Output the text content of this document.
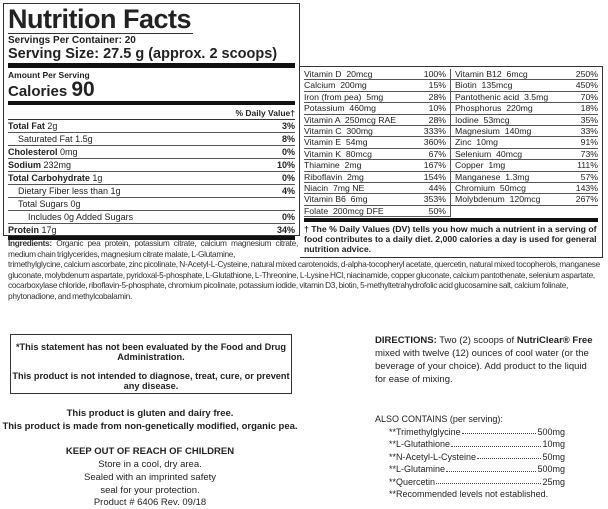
Nutrition Facts
Servings Per Container: 20
Serving Size: 27.5 g (approx. 2 scoops)
Amount Per Serving
Calories 90
% Daily Value†
Total Fat 2g	3%
Saturated Fat 1.5g	8%
Cholesterol 0mg	0%
Sodium 232mg	10%
Total Carbohydrate 1g	0%
Dietary Fiber less than 1g	4%
Total Sugars 0g
Includes 0g Added Sugars	0%
Protein 17g	34%
Vitamin D  20mcg	100%
Calcium  200mg	15%
Iron (from pea)  5mg	28%
Potassium  460mg	10%
Vitamin A  250mcg RAE	28%
Vitamin C  300mg	333%
Vitamin E  54mg	360%
Vitamin K  80mcg	67%
Thiamine  2mg	167%
Riboflavin  2mg	154%
Niacin  7mg NE	44%
Vitamin B6  6mg	353%
Folate  200mcg DFE	50%
Vitamin B12  6mcg	250%
Biotin  135mcg	450%
Pantothenic acid  3.5mg	70%
Phosphorus  220mg	18%
Iodine  53mcg	35%
Magnesium  140mg	33%
Zinc  10mg	91%
Selenium  40mcg	73%
Copper  1mg	111%
Manganese  1.3mg	57%
Chromium  50mcg	143%
Molybdenum  120mcg	267%
† The % Daily Values (DV) tells you how much a nutrient in a serving of food contributes to a daily diet. 2,000 calories a day is used for general nutrition advice.
Ingredients: Organic pea protein, potassium citrate, calcium magnesium citrate, medium chain triglycerides, magnesium citrate malate, L-Glutamine,
trimethylglycine, calcium ascorbate, zinc picolinate, N-Acetyl-L-Cysteine, natural mixed carotenoids, d-alpha-tocopheryl acetate, quercetin, natural mixed tocopherols, manganese gluconate, molybdenum aspartate, pyridoxal-5-phosphate, L-Glutathione, L-Threonine, L-Lysine HCl, niacinamide, copper gluconate, calcium pantothenate, selenium aspartate, cocarboxylase chloride, riboflavin-5-phosphate, chromium picolinate, potassium iodide, vitamin D3, biotin, 5-methyltetrahydrofolic acid glucosamine salt, calcium folinate, phytonadione, and methylcobalamin.
*This statement has not been evaluated by the Food and Drug Administration.
This product is not intended to diagnose, treat, cure, or prevent any disease.
This product is gluten and dairy free.
This product is made from non-genetically modified, organic pea.
KEEP OUT OF REACH OF CHILDREN
Store in a cool, dry area.
Sealed with an imprinted safety
seal for your protection.
Product # 6406 Rev. 09/18
DIRECTIONS: Two (2) scoops of NutriClear® Free mixed with twelve (12) ounces of cool water (or the beverage of your choice). Add product to the liquid for ease of mixing.
ALSO CONTAINS (per serving):
**Trimethylglycine	500mg
**L-Glutathione	10mg
**N-Acetyl-L-Cysteine	50mg
**L-Glutamine	500mg
**Quercetin	25mg
**Recommended levels not established.
